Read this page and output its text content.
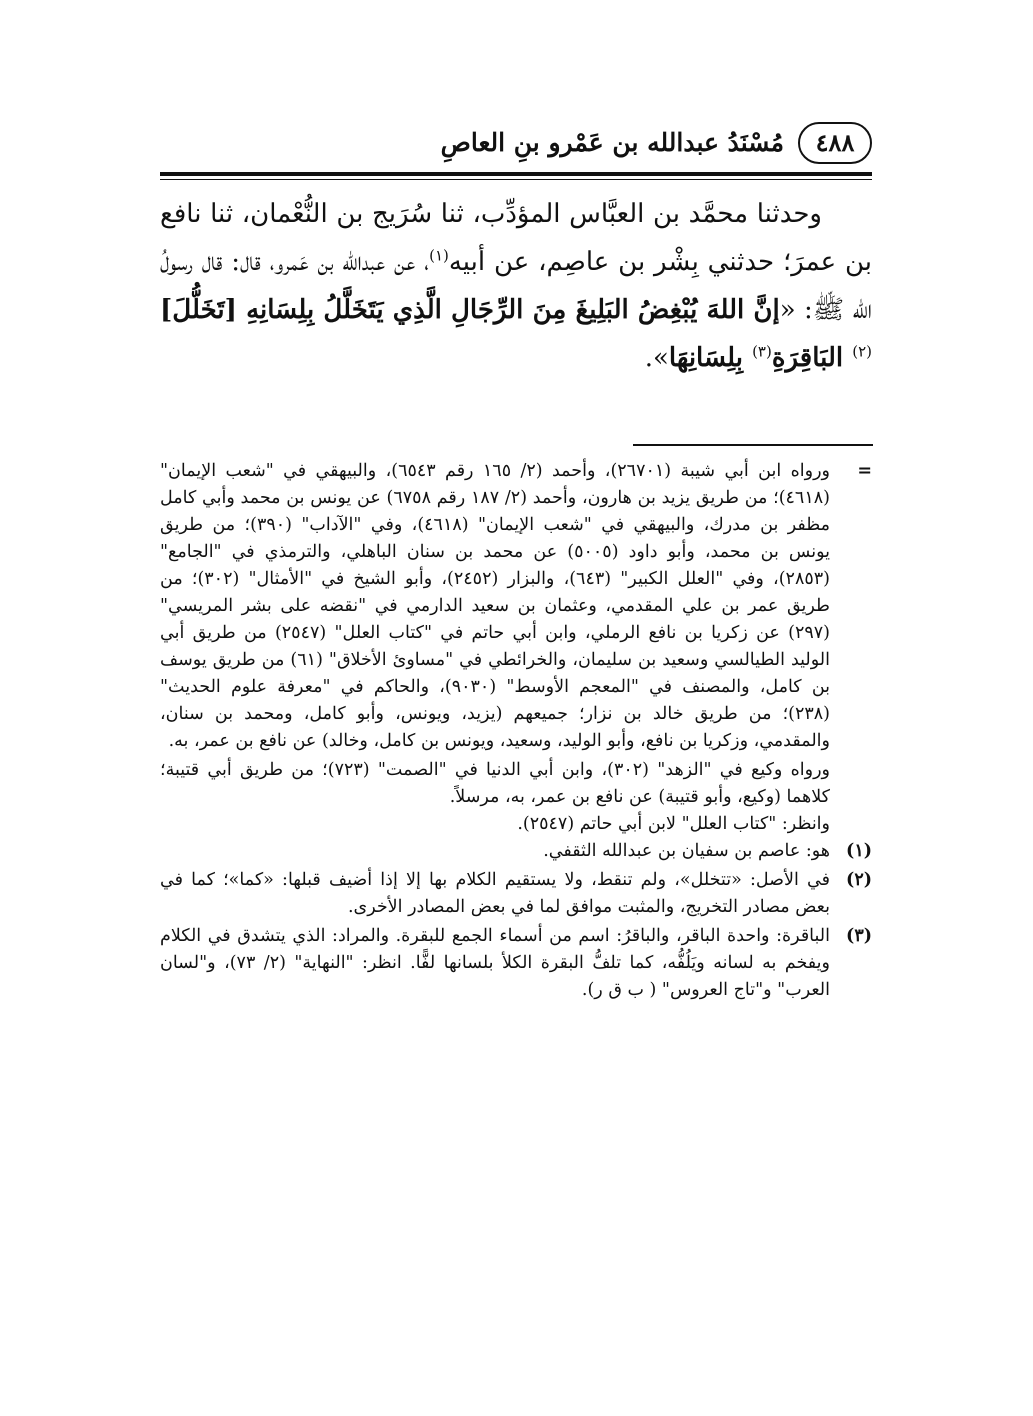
٤٨٨
مُسْنَدُ عبدالله بن عَمْرو بنِ العاصِ

وحدثنا محمَّد بن العبَّاس المؤدِّب، ثنا سُرَيج بن النُّعْمان، ثنا نافع بن عمرَ؛ حدثني بِشْر بن عاصِم، عن أبيه$^{(١)}$، عن عبدالله بن عَمرو، قال: قال رسولُ الله ﷺ: «إنَّ اللهَ يُبْغِضُ البَلِيغَ مِنَ الرِّجَالِ الَّذِي يَتَخَلَّلُ بِلِسَانِهِ [تَخَلُّلَ]$^{(٢)}$ البَاقِرَةِ$^{(٣)}$ بِلِسَانِهَا».

=
ورواه ابن أبي شيبة (٢٦٧٠١)، وأحمد (٢/ ١٦٥ رقم ٦٥٤٣)، والبيهقي في "شعب الإيمان" (٤٦١٨)؛ من طريق يزيد بن هارون، وأحمد (٢/ ١٨٧ رقم ٦٧٥٨) عن يونس بن محمد وأبي كامل مظفر بن مدرك، والبيهقي في "شعب الإيمان" (٤٦١٨)، وفي "الآداب" (٣٩٠)؛ من طريق يونس بن محمد، وأبو داود (٥٠٠٥) عن محمد بن سنان الباهلي، والترمذي في "الجامع" (٢٨٥٣)، وفي "العلل الكبير" (٦٤٣)، والبزار (٢٤٥٢)، وأبو الشيخ في "الأمثال" (٣٠٢)؛ من طريق عمر بن علي المقدمي، وعثمان بن سعيد الدارمي في "نقضه على بشر المريسي" (٢٩٧) عن زكريا بن نافع الرملي، وابن أبي حاتم في "كتاب العلل" (٢٥٤٧) من طريق أبي الوليد الطيالسي وسعيد بن سليمان، والخرائطي في "مساوئ الأخلاق" (٦١) من طريق يوسف بن كامل، والمصنف في "المعجم الأوسط" (٩٠٣٠)، والحاكم في "معرفة علوم الحديث" (٢٣٨)؛ من طريق خالد بن نزار؛ جميعهم (يزيد، ويونس، وأبو كامل، ومحمد بن سنان، والمقدمي، وزكريا بن نافع، وأبو الوليد، وسعيد، ويونس بن كامل، وخالد) عن نافع بن عمر، به.
ورواه وكيع في "الزهد" (٣٠٢)، وابن أبي الدنيا في "الصمت" (٧٢٣)؛ من طريق أبي قتيبة؛ كلاهما (وكيع، وأبو قتيبة) عن نافع بن عمر، به، مرسلاً.
وانظر: "كتاب العلل" لابن أبي حاتم (٢٥٤٧).
(١)
هو: عاصم بن سفيان بن عبدالله الثقفي.
(٢)
في الأصل: «تتخلل»، ولم تنقط، ولا يستقيم الكلام بها إلا إذا أضيف قبلها: «كما»؛ كما في بعض مصادر التخريج، والمثبت موافق لما في بعض المصادر الأخرى.
(٣)
الباقرة: واحدة الباقر، والباقرُ: اسم من أسماء الجمع للبقرة. والمراد: الذي يتشدق في الكلام ويفخم به لسانه ويَلُفُّه، كما تلفُّ البقرة الكلأ بلسانها لفًّا. انظر: "النهاية" (٢/ ٧٣)، و"لسان العرب" و"تاج العروس" ( ب ق ر).
